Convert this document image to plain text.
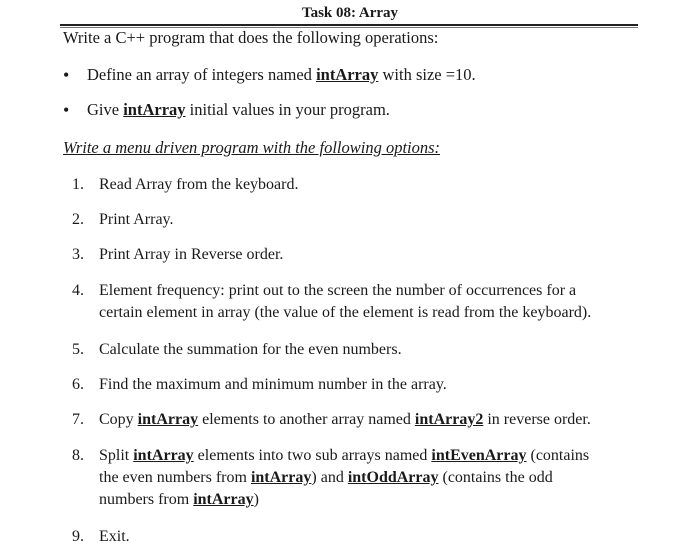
Task 08: Array
Write a C++ program that does the following operations:
•	Define an array of integers named intArray with size =10.
•	Give intArray initial values in your program.
Write a menu driven program with the following options:
1. Read Array from the keyboard.
2. Print Array.
3. Print Array in Reverse order.
4. Element frequency: print out to the screen the number of occurrences for a
certain element in array (the value of the element is read from the keyboard).
5. Calculate the summation for the even numbers.
6. Find the maximum and minimum number in the array.
7. Copy intArray elements to another array named intArray2 in reverse order.
8. Split intArray elements into two sub arrays named intEvenArray (contains
the even numbers from intArray) and intOddArray (contains the odd
numbers from intArray)
9. Exit.
